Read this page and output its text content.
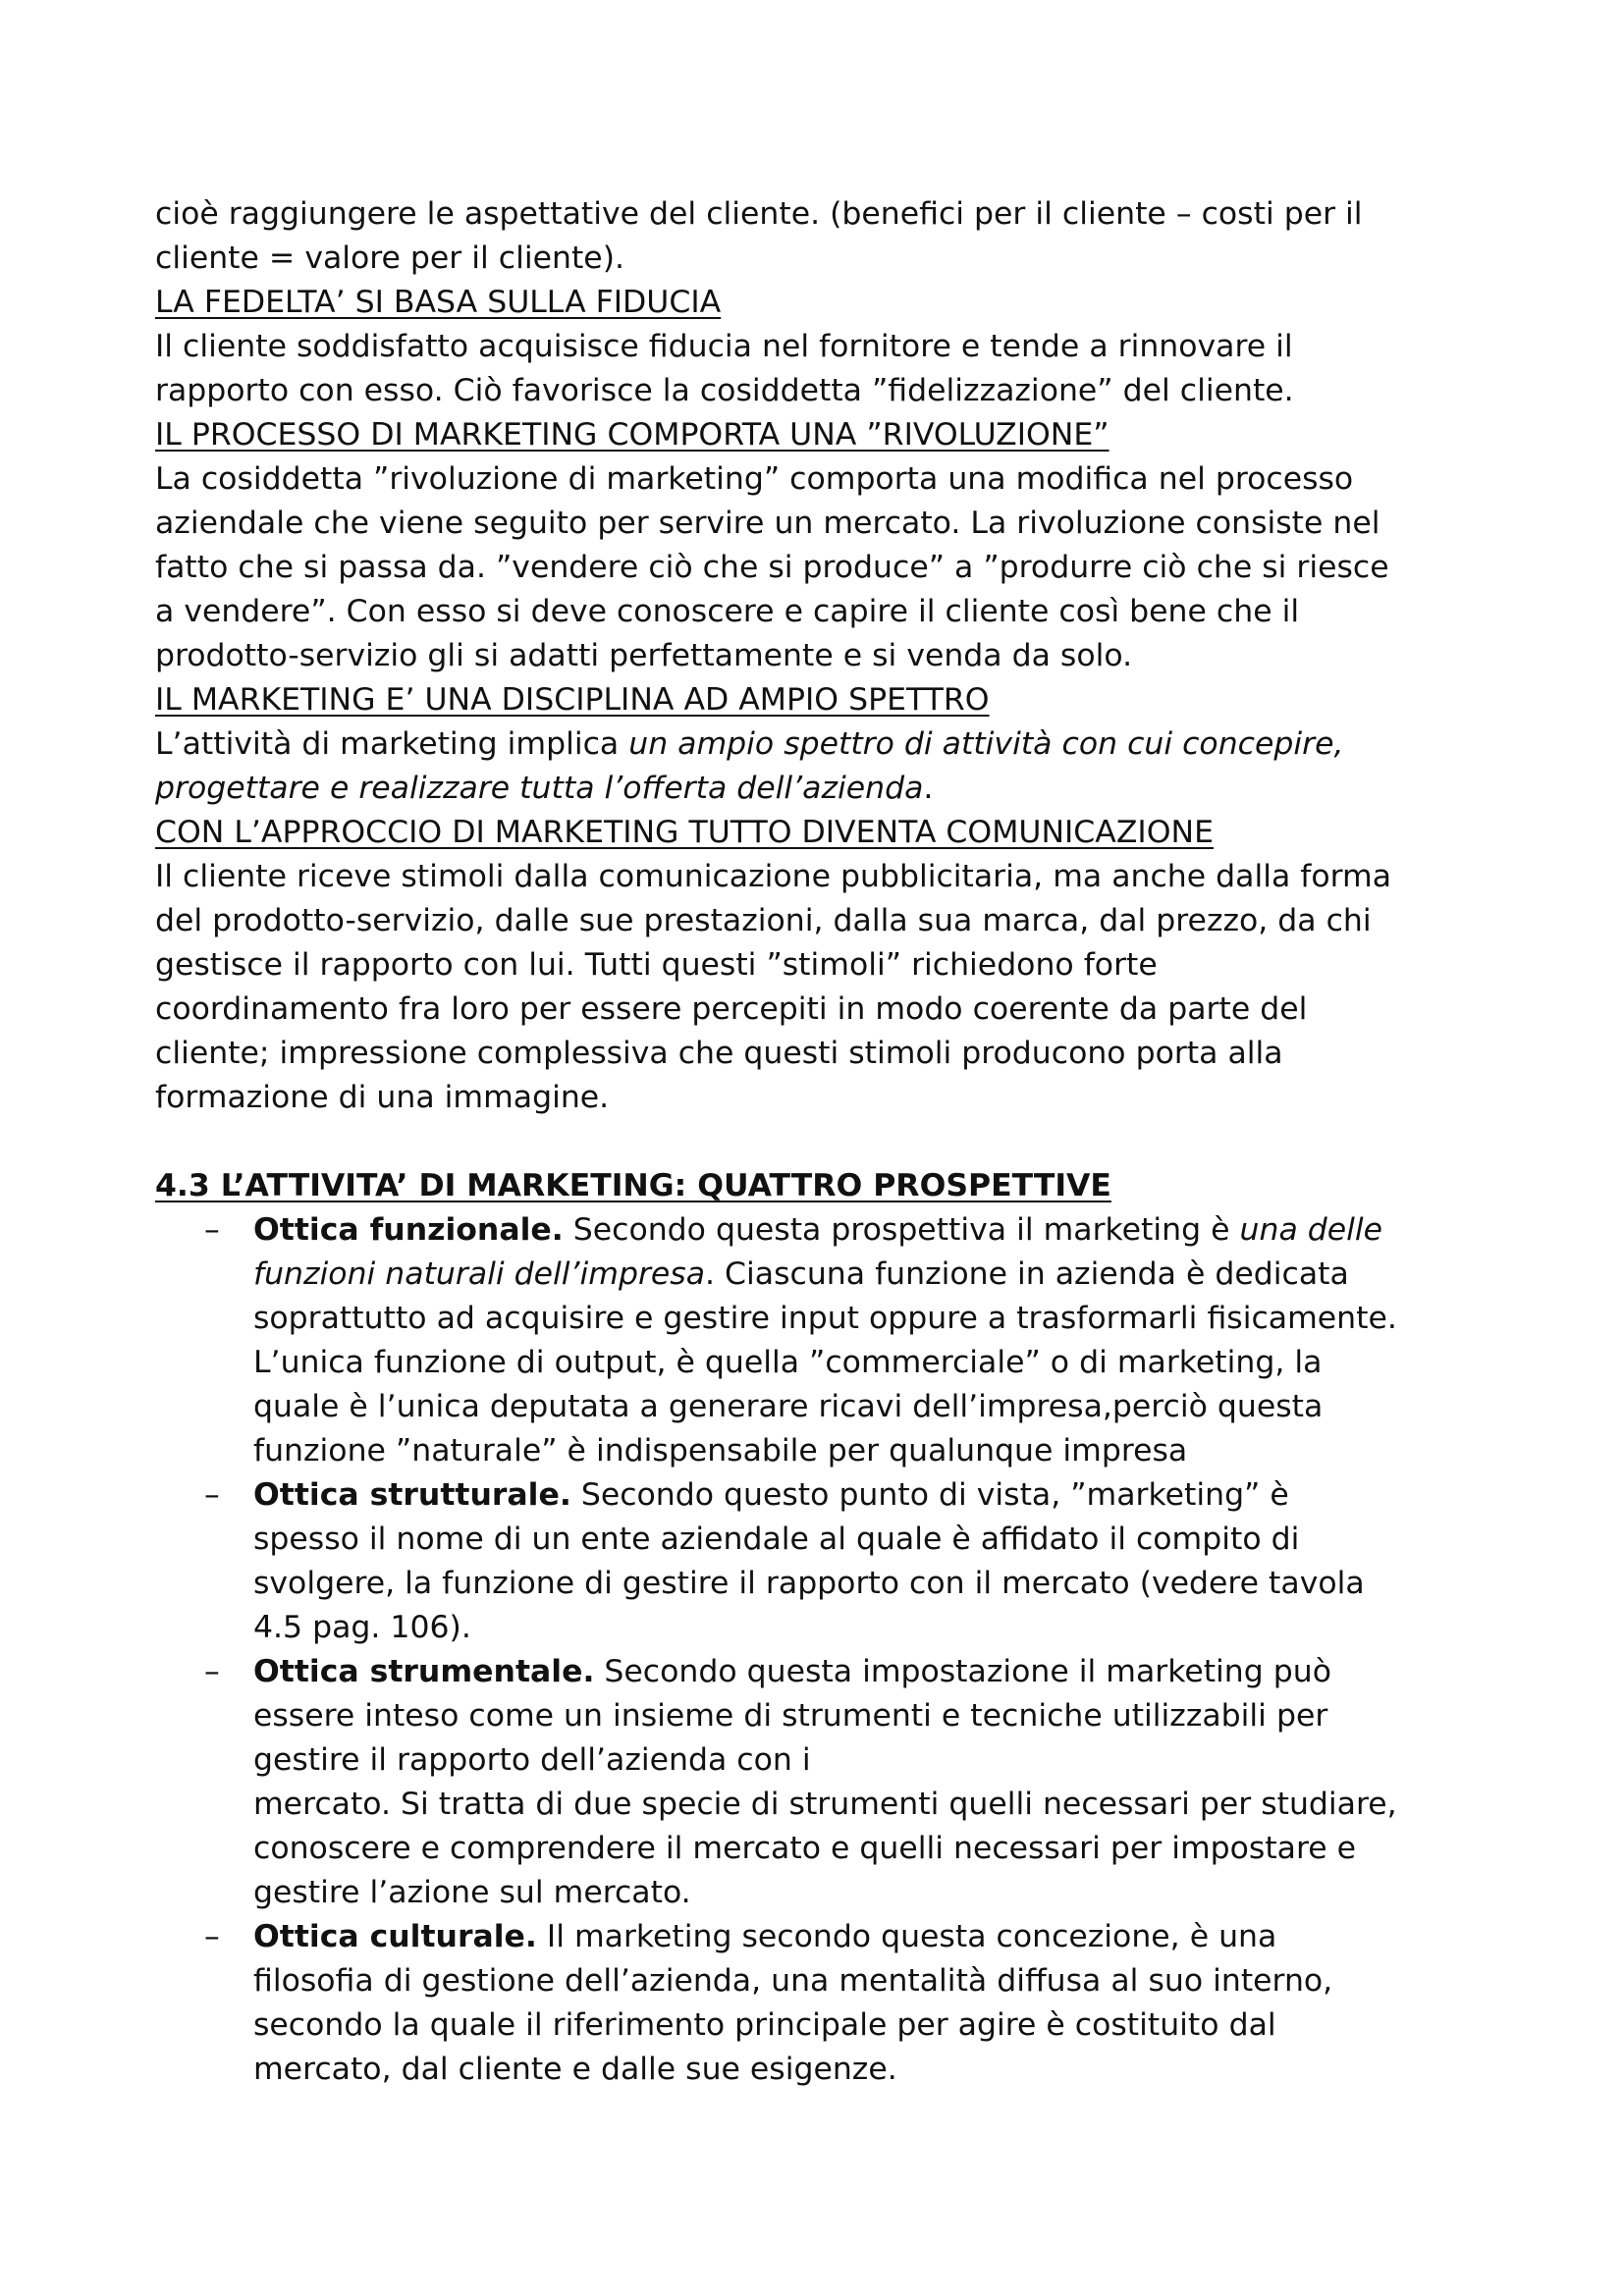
cioè raggiungere le aspettative del cliente. (benefici per il cliente – costi per il
cliente = valore per il cliente).
LA FEDELTA’ SI BASA SULLA FIDUCIA
Il cliente soddisfatto acquisisce fiducia nel fornitore e tende a rinnovare il
rapporto con esso. Ciò favorisce la cosiddetta ”fidelizzazione” del cliente.
IL PROCESSO DI MARKETING COMPORTA UNA ”RIVOLUZIONE”
La cosiddetta ”rivoluzione di marketing” comporta una modifica nel processo
aziendale che viene seguito per servire un mercato. La rivoluzione consiste nel
fatto che si passa da. ”vendere ciò che si produce” a ”produrre ciò che si riesce
a vendere”. Con esso si deve conoscere e capire il cliente così bene che il
prodotto-servizio gli si adatti perfettamente e si venda da solo.
IL MARKETING E’ UNA DISCIPLINA AD AMPIO SPETTRO
L’attività di marketing implica un ampio spettro di attività con cui concepire,
progettare e realizzare tutta l’offerta dell’azienda.
CON L’APPROCCIO DI MARKETING TUTTO DIVENTA COMUNICAZIONE
Il cliente riceve stimoli dalla comunicazione pubblicitaria, ma anche dalla forma
del prodotto-servizio, dalle sue prestazioni, dalla sua marca, dal prezzo, da chi
gestisce il rapporto con lui. Tutti questi ”stimoli” richiedono forte
coordinamento fra loro per essere percepiti in modo coerente da parte del
cliente; impressione complessiva che questi stimoli producono porta alla
formazione di una immagine.
4.3 L’ATTIVITA’ DI MARKETING: QUATTRO PROSPETTIVE
– Ottica funzionale. Secondo questa prospettiva il marketing è una delle
funzioni naturali dell’impresa. Ciascuna funzione in azienda è dedicata
soprattutto ad acquisire e gestire input oppure a trasformarli fisicamente.
L’unica funzione di output, è quella ”commerciale” o di marketing, la
quale è l’unica deputata a generare ricavi dell’impresa,perciò questa
funzione ”naturale” è indispensabile per qualunque impresa
– Ottica strutturale. Secondo questo punto di vista, ”marketing” è
spesso il nome di un ente aziendale al quale è affidato il compito di
svolgere, la funzione di gestire il rapporto con il mercato (vedere tavola
4.5 pag. 106).
– Ottica strumentale. Secondo questa impostazione il marketing può
essere inteso come un insieme di strumenti e tecniche utilizzabili per
gestire il rapporto dell’azienda con i
mercato. Si tratta di due specie di strumenti quelli necessari per studiare,
conoscere e comprendere il mercato e quelli necessari per impostare e
gestire l’azione sul mercato.
– Ottica culturale. Il marketing secondo questa concezione, è una
filosofia di gestione dell’azienda, una mentalità diffusa al suo interno,
secondo la quale il riferimento principale per agire è costituito dal
mercato, dal cliente e dalle sue esigenze.
